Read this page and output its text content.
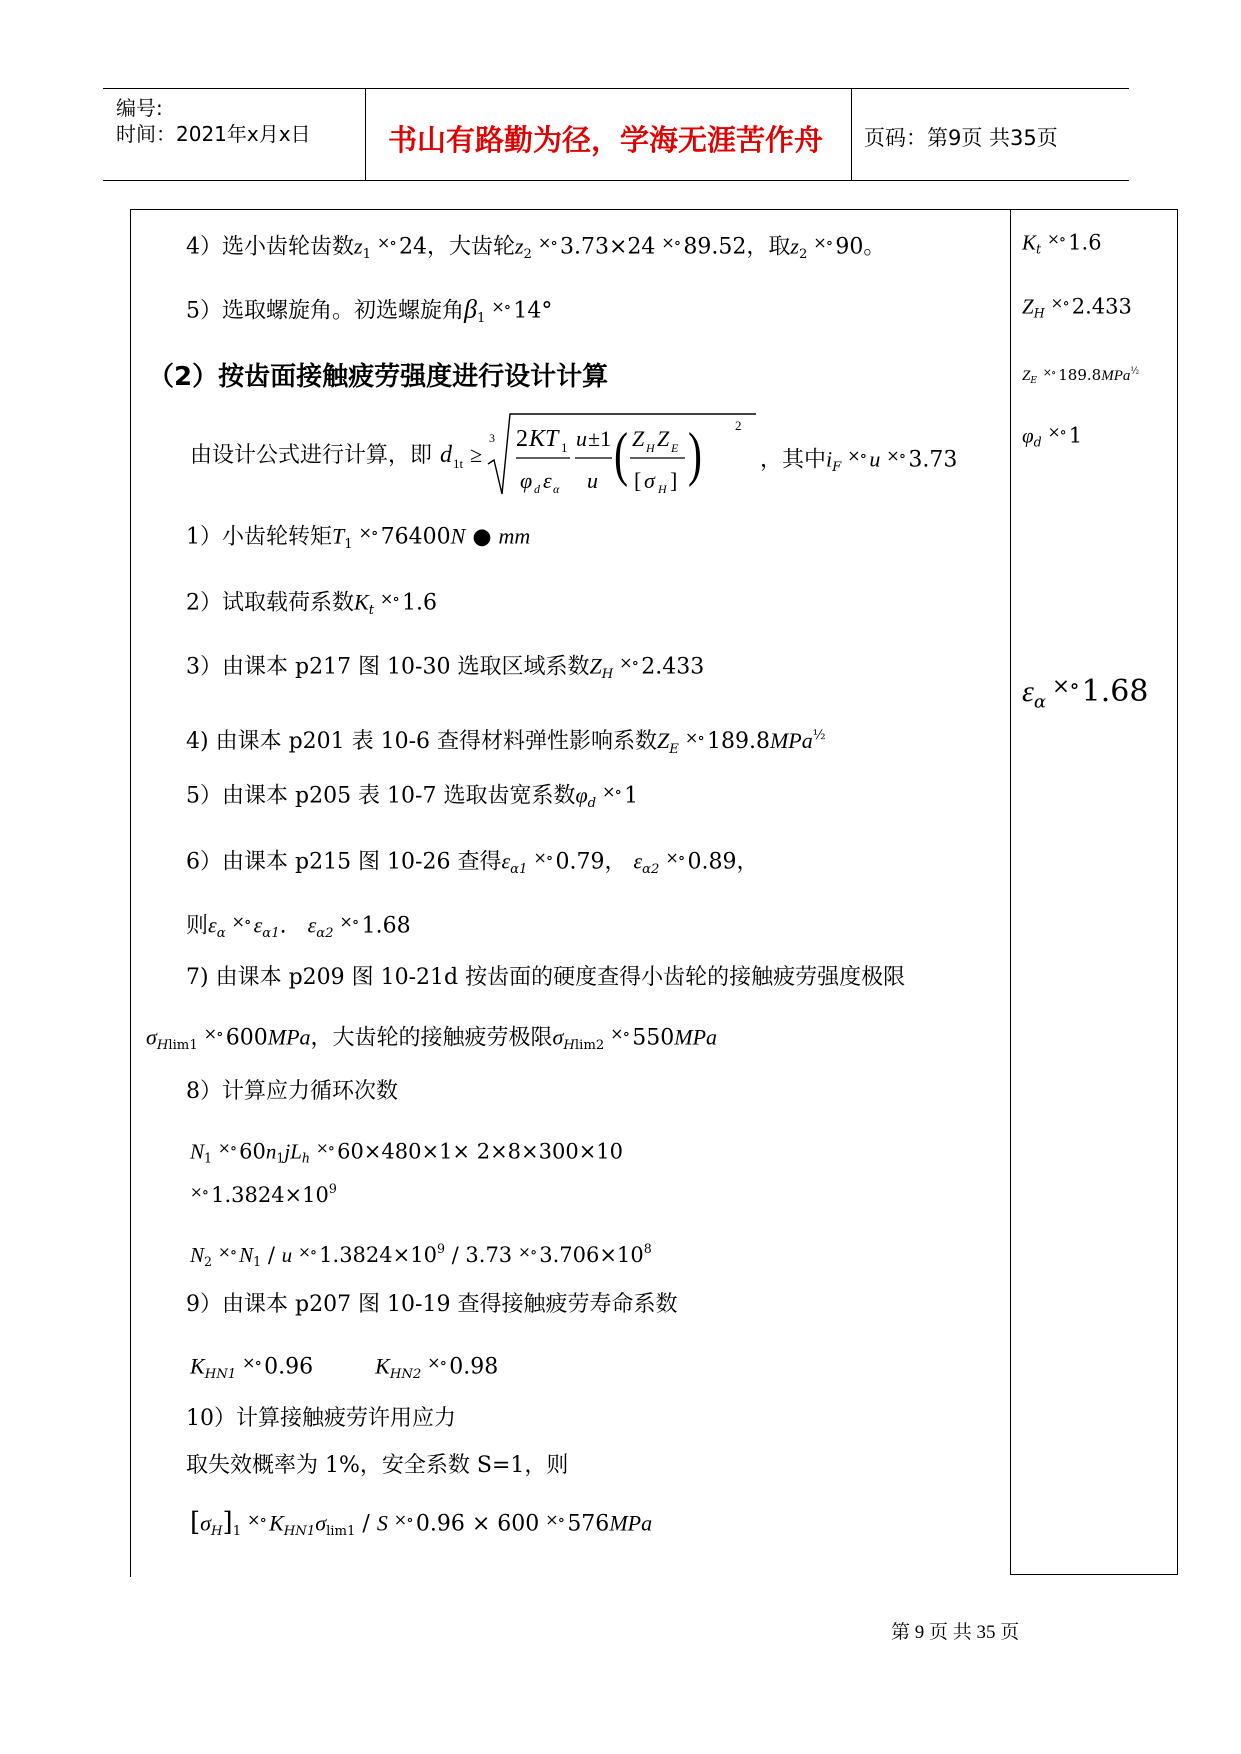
编号:
时间：2021年x月x日	书山有路勤为径，学海无涯苦作舟 页码：第9页 共35页
4）选小齿轮齿数$z_1^{\times\circ}$ 24，大齿轮$z_2^{\times\circ}$ 3.73×24 ×∘ 89.52，取$z_2^{\times\circ}$ 90。
5）选取螺旋角。初选螺旋角$\beta_1^{\times\circ}$ 14°
（2）按齿面接触疲劳强度进行设计计算
由设计公式进行计算，即 d 1t ≥
3 2 KT 1
φ d ε α
u ±1
u ( Z H Z E
[ σ H ] )	2
，其中$i_F^{\times\circ}$ u ×∘ 3.73
1）小齿轮转矩$T_1^{\times\circ}$ 76400N ● mm
2）试取载荷系数$K_t^{\times\circ}$ 1.6
3）由课本 p217 图 10-30 选取区域系数$Z_H^{\times\circ}$ 2.433
4) 由课本 p201 表 10-6 查得材料弹性影响系数$Z_E^{\times\circ}$ 189.8MPa$^{\frac{1}{2}}$
5）由课本 p205 表 10-7 选取齿宽系数$\varphi_d^{\times\circ}$ 1
6）由课本 p215 图 10-26 查得$\varepsilon_{\alpha 1}^{\times\circ}$ 0.79， $\varepsilon_{\alpha 2}^{\times\circ}$ 0.89，
则$\varepsilon_\alpha^{\times\circ}$ $\varepsilon_{\alpha 1}$.   $\varepsilon_{\alpha 2}^{\times\circ}$ 1.68
7) 由课本 p209 图 10-21d 按齿面的硬度查得小齿轮的接触疲劳强度极限
$\sigma_{Hlim1}^{\times\circ}$ 600MPa，大齿轮的接触疲劳极限$\sigma_{Hlim2}^{\times\circ}$ 550MPa
8）计算应力循环次数
$N_1^{\times\circ}$ $60n_1jL_h^{\times\circ}$ 60×480×1× 2×8×300×10
×∘ $1.3824\times 10^9$
$N_2^{\times\circ}$ $N_1$ / u ×∘ $1.3824\times 10^9 / 3.73$ ×∘ $3.706\times 10^8$
9）由课本 p207 图 10-19 查得接触疲劳寿命系数
$K_{HN1}^{\times\circ}$ 0.96	$K_{HN2}^{\times\circ}$ 0.98
10）计算接触疲劳许用应力
取失效概率为 1%，安全系数 S=1，则
$[\sigma_H]_1^{\times\circ}$ $K_{HN1}\sigma_{lim1}$ / S ×∘ 0.96 × 600 ×∘ 576MPa
$K_t^{\times\circ}$ 1.6
$Z_H^{\times\circ}$ 2.433
$Z_E^{\times\circ}$ 189.8MPa$^{\frac{1}{2}}$
$\varphi_d^{\times\circ}$ 1
$\varepsilon_\alpha^{\times\circ}$ 1.68
第 9 页 共 35 页
